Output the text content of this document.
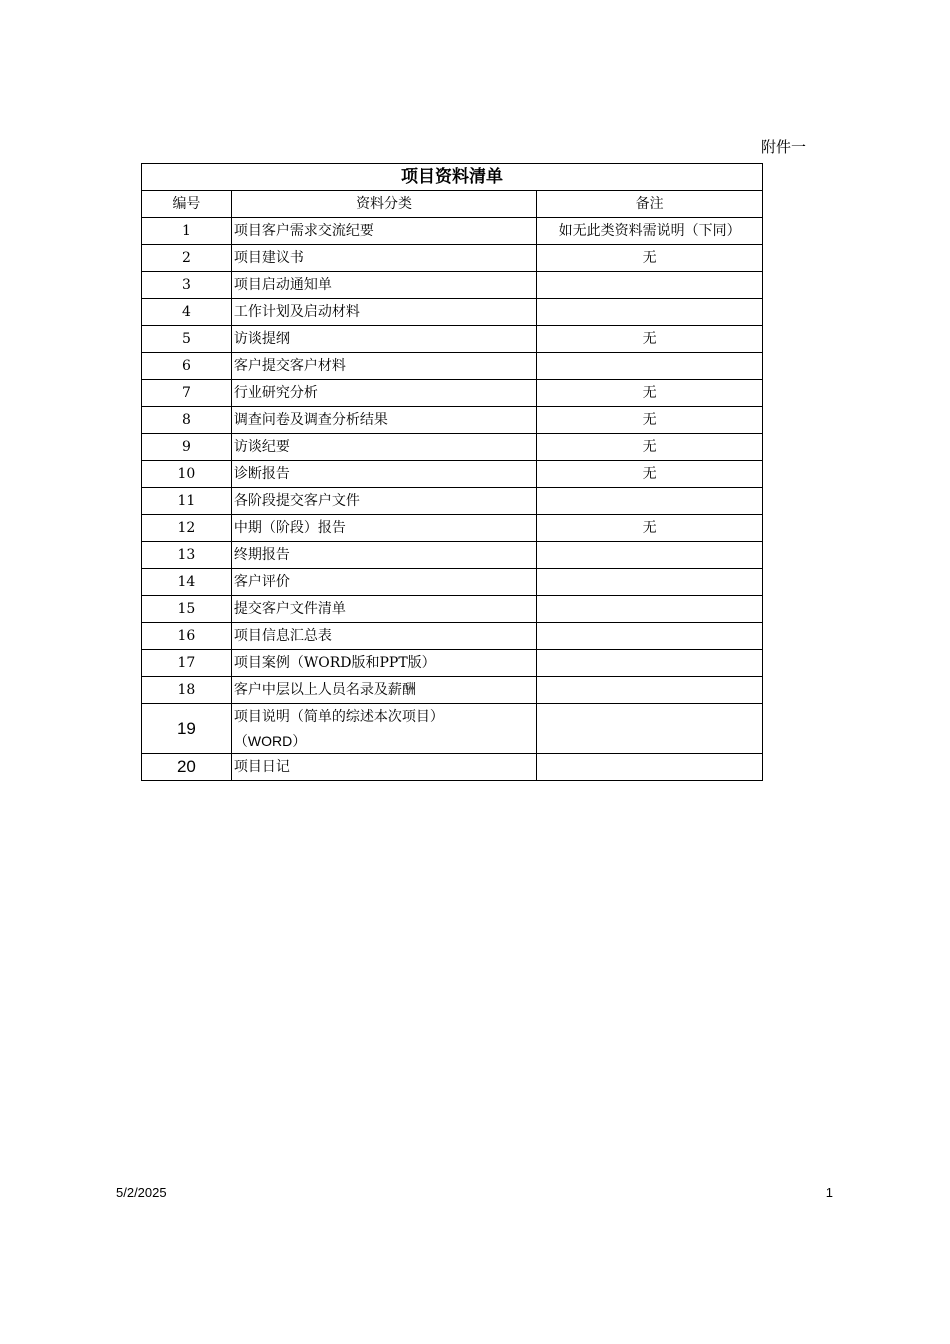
附件一
项目资料清单		
编号	资料分类	备注
1	项目客户需求交流纪要	如无此类资料需说明（下同）
2	项目建议书	无
3	项目启动通知单	
4	工作计划及启动材料	
5	访谈提纲	无
6	客户提交客户材料	
7	行业研究分析	无
8	调查问卷及调查分析结果	无
9	访谈纪要	无
10	诊断报告	无
11	各阶段提交客户文件	
12	中期（阶段）报告	无
13	终期报告	
14	客户评价	
15	提交客户文件清单	
16	项目信息汇总表	
17	项目案例（WORD版和PPT版）	
18	客户中层以上人员名录及薪酬	
19	项目说明（简单的综述本次项目）
（WORD）	

20	项目日记	
5/2/2025	1
